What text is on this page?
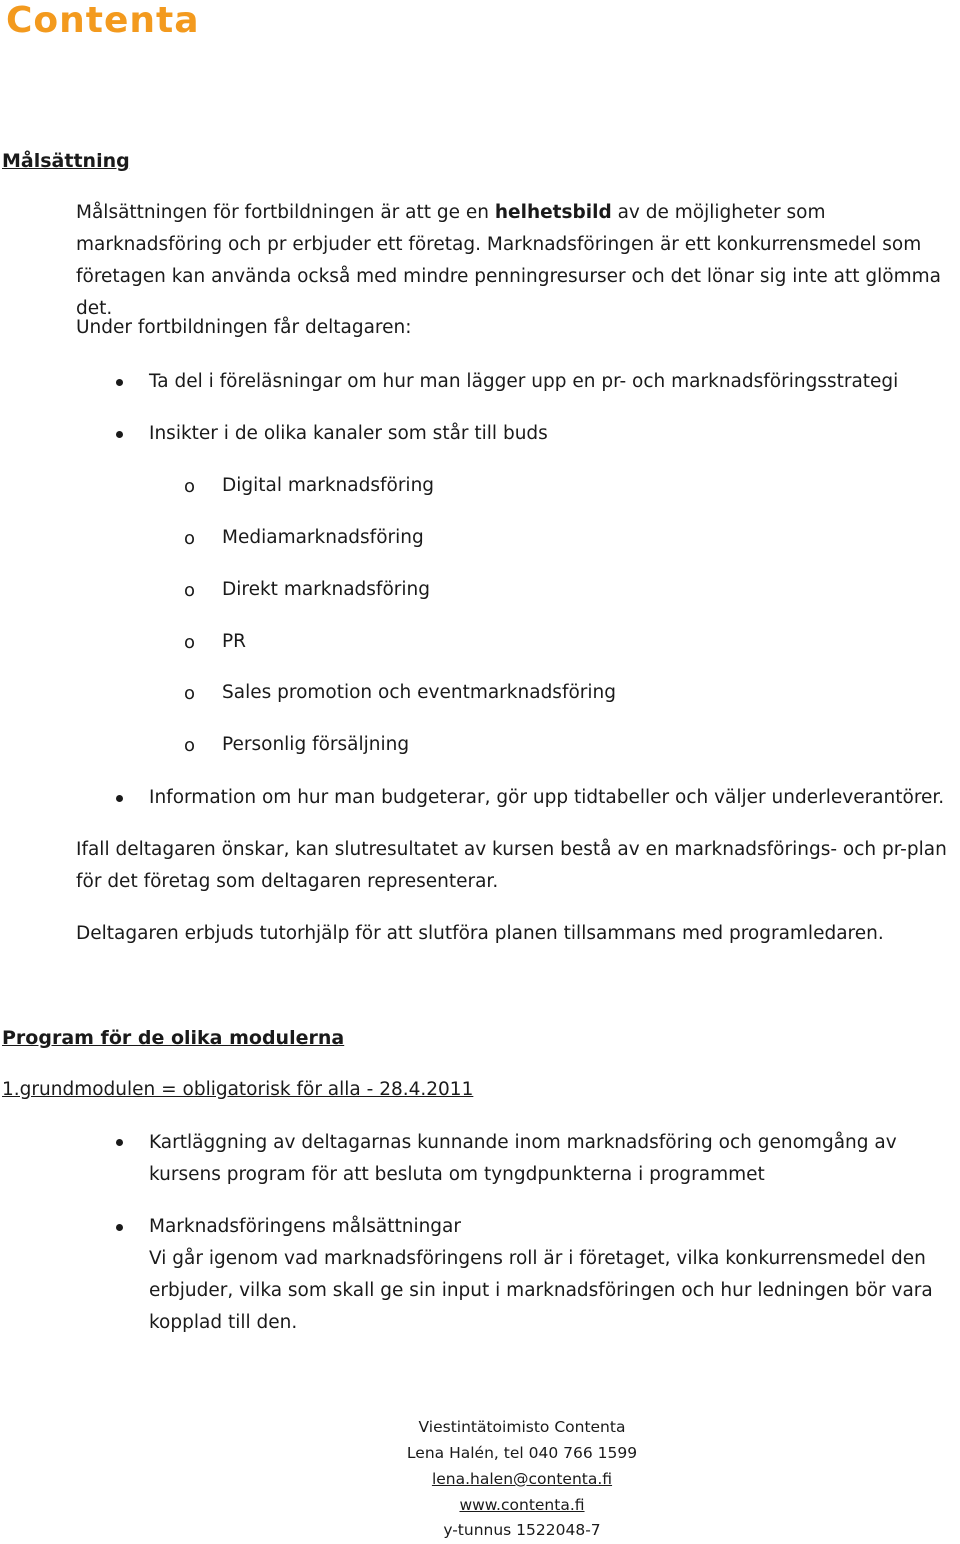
Contenta
Målsättning
Målsättningen för fortbildningen är att ge en helhetsbild av de möjligheter som marknadsföring och pr erbjuder ett företag. Marknadsföringen är ett konkurrensmedel som företagen kan använda också med mindre penningresurser och det lönar sig inte att glömma det.
Under fortbildningen får deltagaren:
Ta del i föreläsningar om hur man lägger upp en pr- och marknadsföringsstrategi
Insikter i de olika kanaler som står till buds
o Digital marknadsföring
o Mediamarknadsföring
o Direkt marknadsföring
o PR
o Sales promotion och eventmarknadsföring
o Personlig försäljning
Information om hur man budgeterar, gör upp tidtabeller och väljer underleverantörer.
Ifall deltagaren önskar, kan slutresultatet av kursen bestå av en marknadsförings- och pr-plan för det företag som deltagaren representerar.
Deltagaren erbjuds tutorhjälp för att slutföra planen tillsammans med programledaren.
Program för de olika modulerna
1.grundmodulen = obligatorisk för alla - 28.4.2011
Kartläggning av deltagarnas kunnande inom marknadsföring och genomgång av kursens program för att besluta om tyngdpunkterna i programmet
Marknadsföringens målsättningar
Vi går igenom vad marknadsföringens roll är i företaget, vilka konkurrensmedel den erbjuder, vilka som skall ge sin input i marknadsföringen och hur ledningen bör vara kopplad till den.
Viestintätoimisto Contenta
Lena Halén, tel 040 766 1599
lena.halen@contenta.fi
www.contenta.fi
y-tunnus 1522048-7
